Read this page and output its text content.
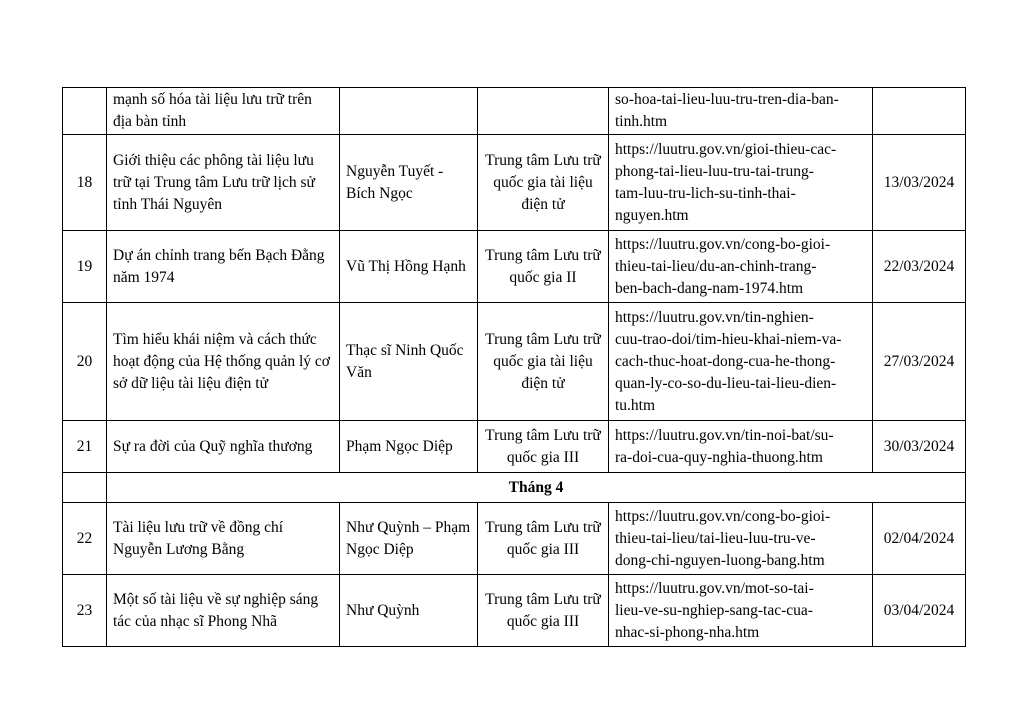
	mạnh số hóa tài liệu lưu trữ trên địa bàn tỉnh			so-hoa-tai-lieu-luu-tru-tren-dia-ban-
tinh.htm	
18	Giới thiệu các phông tài liệu lưu trữ tại Trung tâm Lưu trữ lịch sử tỉnh Thái Nguyên	Nguyễn Tuyết - Bích Ngọc	Trung tâm Lưu trữ quốc gia tài liệu điện tử	https://luutru.gov.vn/gioi-thieu-cac-
phong-tai-lieu-luu-tru-tai-trung-
tam-luu-tru-lich-su-tinh-thai-
nguyen.htm	13/03/2024
19	Dự án chỉnh trang bến Bạch Đằng năm 1974	Vũ Thị Hồng Hạnh	Trung tâm Lưu trữ quốc gia II	https://luutru.gov.vn/cong-bo-gioi-
thieu-tai-lieu/du-an-chinh-trang-
ben-bach-dang-nam-1974.htm	22/03/2024
20	Tìm hiểu khái niệm và cách thức hoạt động của Hệ thống quản lý cơ sở dữ liệu tài liệu điện tử	Thạc sĩ Ninh Quốc Văn	Trung tâm Lưu trữ quốc gia tài liệu điện tử	https://luutru.gov.vn/tin-nghien-
cuu-trao-doi/tim-hieu-khai-niem-va-
cach-thuc-hoat-dong-cua-he-thong-
quan-ly-co-so-du-lieu-tai-lieu-dien-
tu.htm	27/03/2024
21	Sự ra đời của Quỹ nghĩa thương	Phạm Ngọc Diệp	Trung tâm Lưu trữ quốc gia III	https://luutru.gov.vn/tin-noi-bat/su-
ra-doi-cua-quy-nghia-thuong.htm	30/03/2024
	Tháng 4				
22	Tài liệu lưu trữ về đồng chí Nguyễn Lương Bằng	Như Quỳnh – Phạm Ngọc Diệp	Trung tâm Lưu trữ quốc gia III	https://luutru.gov.vn/cong-bo-gioi-
thieu-tai-lieu/tai-lieu-luu-tru-ve-
dong-chi-nguyen-luong-bang.htm	02/04/2024
23	Một số tài liệu về sự nghiệp sáng tác của nhạc sĩ Phong Nhã	Như Quỳnh	Trung tâm Lưu trữ quốc gia III	https://luutru.gov.vn/mot-so-tai-
lieu-ve-su-nghiep-sang-tac-cua-
nhac-si-phong-nha.htm	03/04/2024
